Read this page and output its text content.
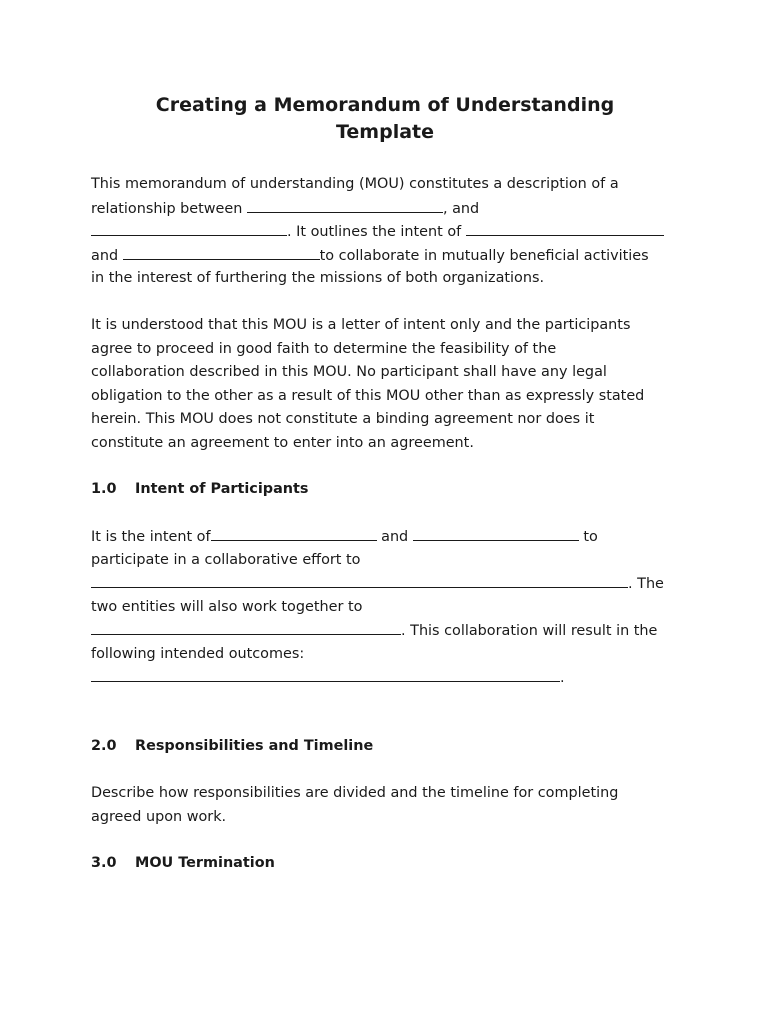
Creating a Memorandum of Understanding
Template
This memorandum of understanding (MOU) constitutes a description of a
relationship between	, and
. It outlines the intent of
and	to collaborate in mutually beneficial activities
in the interest of furthering the missions of both organizations.
It is understood that this MOU is a letter of intent only and the participants
agree to proceed in good faith to determine the feasibility of the
collaboration described in this MOU. No participant shall have any legal
obligation to the other as a result of this MOU other than as expressly stated
herein. This MOU does not constitute a binding agreement nor does it
constitute an agreement to enter into an agreement.
1.0 Intent of Participants
It is the intent of	and	to
participate in a collaborative effort to
. The
two entities will also work together to
. This collaboration will result in the
following intended outcomes:
.
2.0 Responsibilities and Timeline
Describe how responsibilities are divided and the timeline for completing
agreed upon work.
3.0 MOU Termination
